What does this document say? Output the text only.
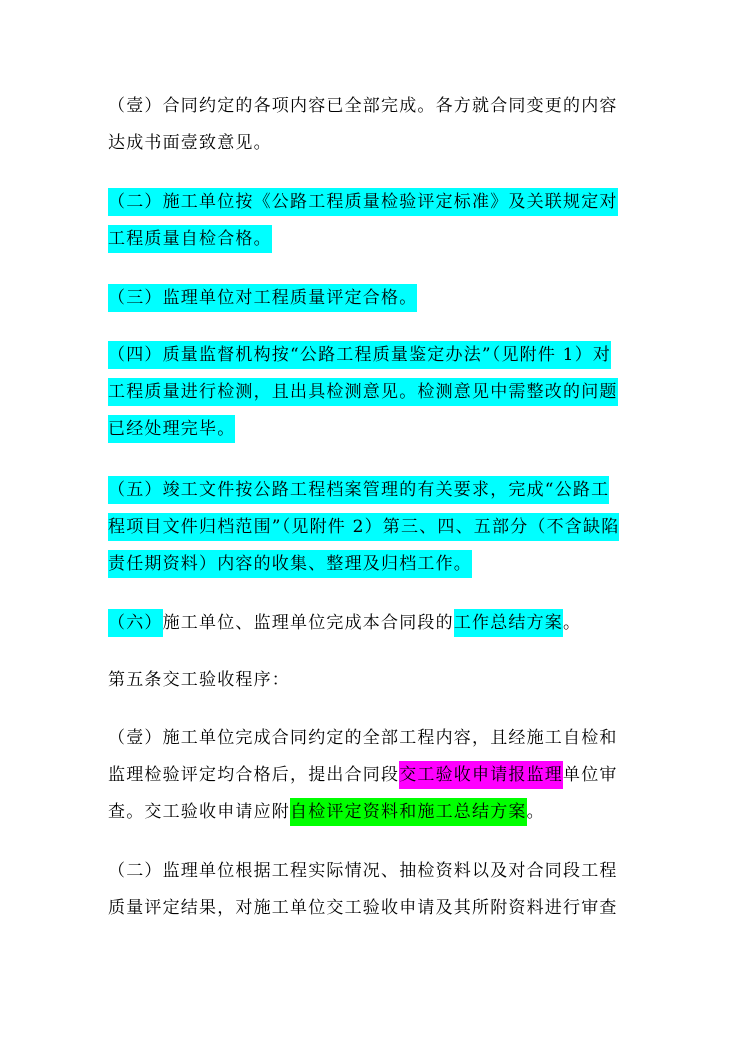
（壹）合同约定的各项内容已全部完成。各方就合同变更的内容
达成书面壹致意见。

（二）施工单位按《公路工程质量检验评定标准》及关联规定对
工程质量自检合格。

（三）监理单位对工程质量评定合格。

（四）质量监督机构按“公路工程质量鉴定办法”（见附件 1）对
工程质量进行检测，且出具检测意见。检测意见中需整改的问题
已经处理完毕。

（五）竣工文件按公路工程档案管理的有关要求，完成“公路工
程项目文件归档范围”（见附件 2）第三、四、五部分（不含缺陷
责任期资料）内容的收集、整理及归档工作。

（六）施工单位、监理单位完成本合同段的工作总结方案。

第五条交工验收程序：

（壹）施工单位完成合同约定的全部工程内容，且经施工自检和
监理检验评定均合格后，提出合同段交工验收申请报监理单位审
查。交工验收申请应附自检评定资料和施工总结方案。

（二）监理单位根据工程实际情况、抽检资料以及对合同段工程
质量评定结果，对施工单位交工验收申请及其所附资料进行审查
